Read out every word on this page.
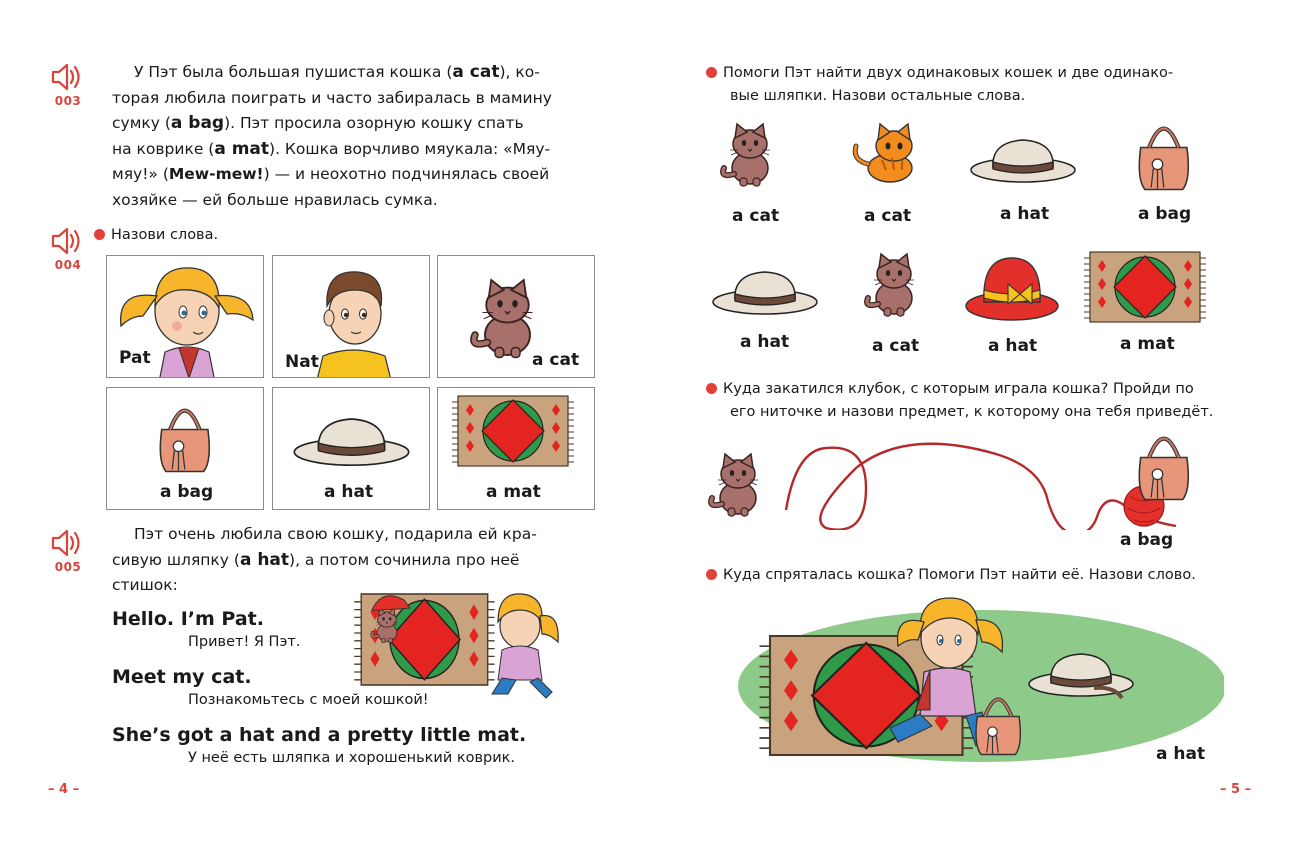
003
У Пэт была большая пушистая кошка (a cat), ко-
торая любила поиграть и часто забиралась в мамину
сумку (a bag). Пэт просила озорную кошку спать
на коврике (a mat). Кошка ворчливо мяукала: «Мяу-
мяу!» (Mew-mew!) — и неохотно подчинялась своей
хозяйке — ей больше нравилась сумка.
004
Назови слова.
Pat	Nat	a cat
a bag	a hat	a mat
005
Пэт очень любила свою кошку, подарила ей кра-
сивую шляпку (a hat), а потом сочинила про неё
стишок:
Hello. I’m Pat.
Привет! Я Пэт.
Meet my cat.
Познакомьтесь с моей кошкой!
She’s got a hat and a pretty little mat.
У неё есть шляпка и хорошенький коврик.
– 4 –
Помоги Пэт найти двух одинаковых кошек и две одинако-
вые шляпки. Назови остальные слова.
a cat	a cat	a hat	a bag
a hat	a cat	a hat	a mat
Куда закатился клубок, с которым играла кошка? Пройди по
его ниточке и назови предмет, к которому она тебя приведёт.
a bag
Куда спряталась кошка? Помоги Пэт найти её. Назови слово.
a hat
– 5 –
